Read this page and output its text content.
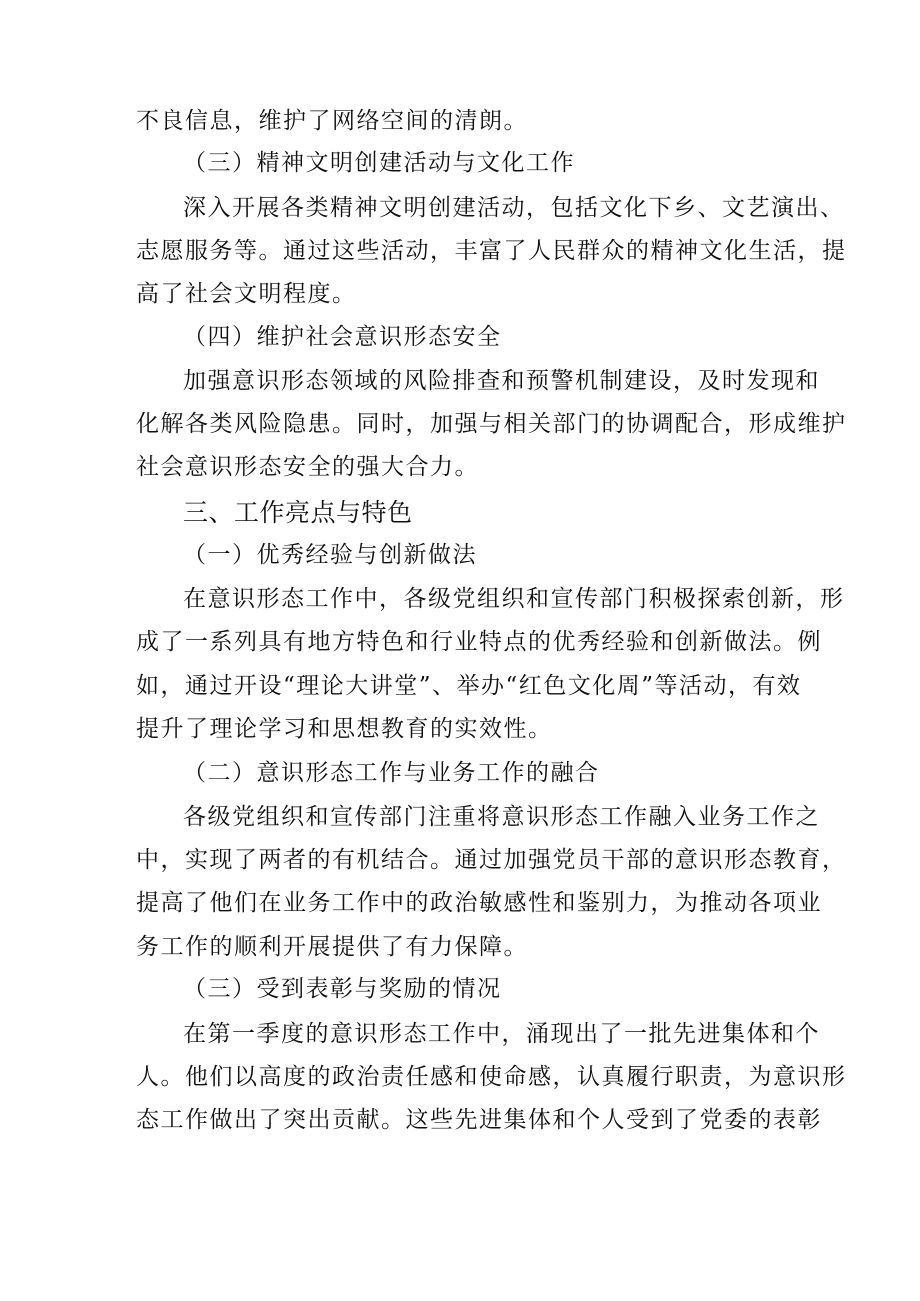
不良信息，维护了网络空间的清朗。
（三）精神文明创建活动与文化工作
深入开展各类精神文明创建活动，包括文化下乡、文艺演出、
志愿服务等。通过这些活动，丰富了人民群众的精神文化生活，提
高了社会文明程度。
（四）维护社会意识形态安全
加强意识形态领域的风险排查和预警机制建设，及时发现和
化解各类风险隐患。同时，加强与相关部门的协调配合，形成维护
社会意识形态安全的强大合力。
三、工作亮点与特色
（一）优秀经验与创新做法
在意识形态工作中，各级党组织和宣传部门积极探索创新，形
成了一系列具有地方特色和行业特点的优秀经验和创新做法。例
如，通过开设“理论大讲堂”、举办“红色文化周”等活动，有效
提升了理论学习和思想教育的实效性。
（二）意识形态工作与业务工作的融合
各级党组织和宣传部门注重将意识形态工作融入业务工作之
中，实现了两者的有机结合。通过加强党员干部的意识形态教育，
提高了他们在业务工作中的政治敏感性和鉴别力，为推动各项业
务工作的顺利开展提供了有力保障。
（三）受到表彰与奖励的情况
在第一季度的意识形态工作中，涌现出了一批先进集体和个
人。他们以高度的政治责任感和使命感，认真履行职责，为意识形
态工作做出了突出贡献。这些先进集体和个人受到了党委的表彰
